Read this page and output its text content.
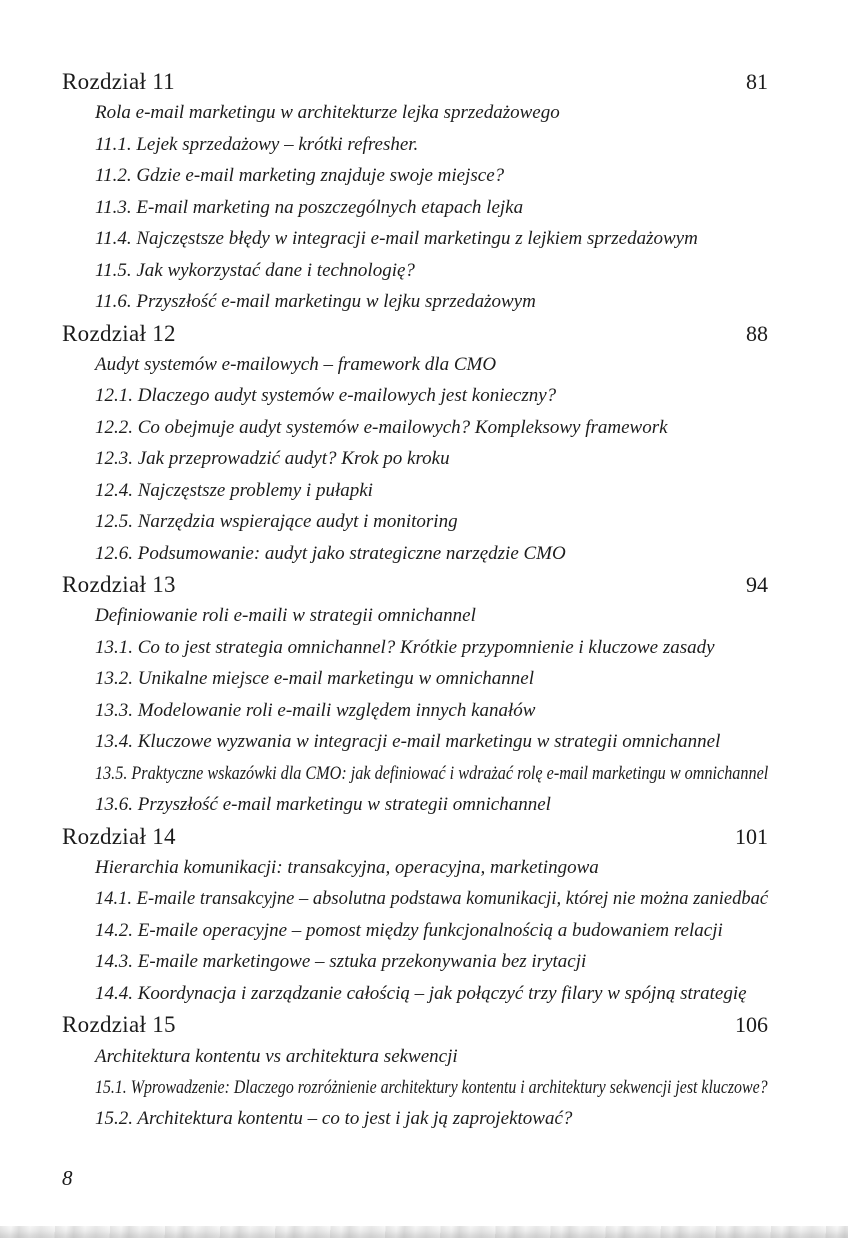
Rozdział 11	81
Rola e-mail marketingu w architekturze lejka sprzedażowego
11.1. Lejek sprzedażowy – krótki refresher.
11.2. Gdzie e-mail marketing znajduje swoje miejsce?
11.3. E-mail marketing na poszczególnych etapach lejka
11.4. Najczęstsze błędy w integracji e-mail marketingu z lejkiem sprzedażowym
11.5. Jak wykorzystać dane i technologię?
11.6. Przyszłość e-mail marketingu w lejku sprzedażowym
Rozdział 12	88
Audyt systemów e-mailowych – framework dla CMO
12.1. Dlaczego audyt systemów e-mailowych jest konieczny?
12.2. Co obejmuje audyt systemów e-mailowych? Kompleksowy framework
12.3. Jak przeprowadzić audyt? Krok po kroku
12.4. Najczęstsze problemy i pułapki
12.5. Narzędzia wspierające audyt i monitoring
12.6. Podsumowanie: audyt jako strategiczne narzędzie CMO
Rozdział 13	94
Definiowanie roli e-maili w strategii omnichannel
13.1. Co to jest strategia omnichannel? Krótkie przypomnienie i kluczowe zasady
13.2. Unikalne miejsce e-mail marketingu w omnichannel
13.3. Modelowanie roli e-maili względem innych kanałów
13.4. Kluczowe wyzwania w integracji e-mail marketingu w strategii omnichannel
13.5. Praktyczne wskazówki dla CMO: jak definiować i wdrażać rolę e-mail marketingu w omnichannel
13.6. Przyszłość e-mail marketingu w strategii omnichannel
Rozdział 14	101
Hierarchia komunikacji: transakcyjna, operacyjna, marketingowa
14.1. E-maile transakcyjne – absolutna podstawa komunikacji, której nie można zaniedbać
14.2. E-maile operacyjne – pomost między funkcjonalnością a budowaniem relacji
14.3. E-maile marketingowe – sztuka przekonywania bez irytacji
14.4. Koordynacja i zarządzanie całością – jak połączyć trzy filary w spójną strategię
Rozdział 15	106
Architektura kontentu vs architektura sekwencji
15.1. Wprowadzenie: Dlaczego rozróżnienie architektury kontentu i architektury sekwencji jest kluczowe?
15.2. Architektura kontentu – co to jest i jak ją zaprojektować?
8
